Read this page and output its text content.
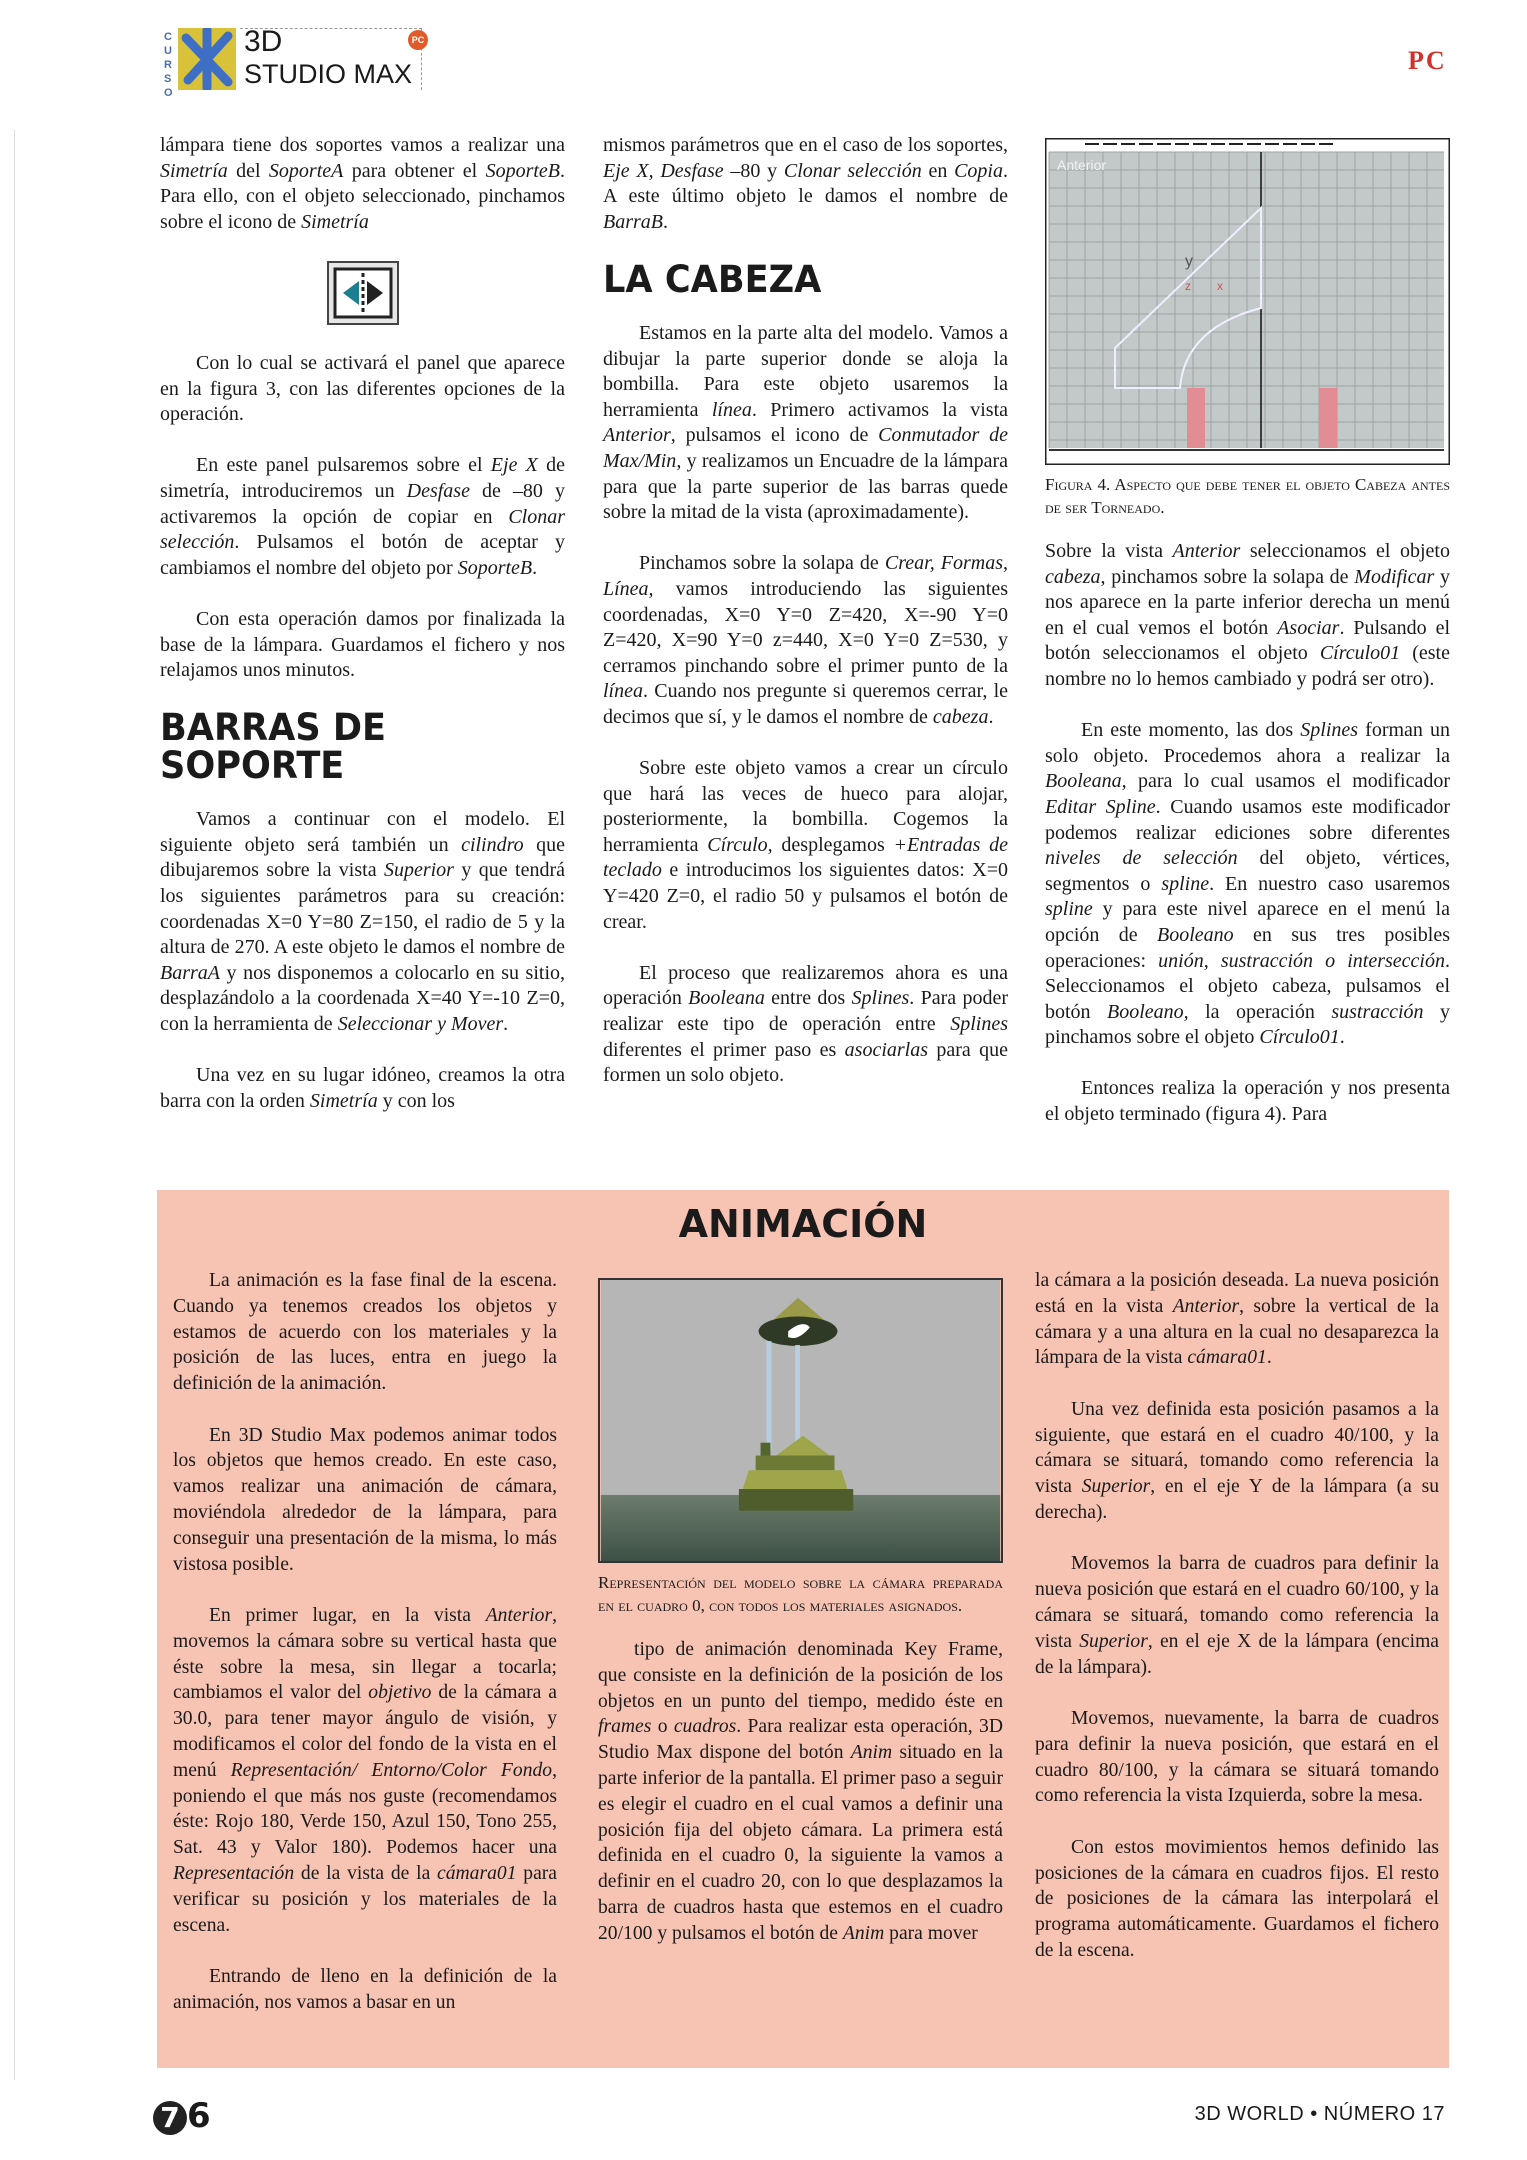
CURSO
3D
STUDIO MAX
PC
PC

lámpara tiene dos soportes vamos a realizar una Simetría del SoporteA para obtener el SoporteB. Para ello, con el objeto seleccionado, pinchamos sobre el icono de Simetría

Con lo cual se activará el panel que aparece en la figura 3, con las diferentes opciones de la operación.

En este panel pulsaremos sobre el Eje X de simetría, introduciremos un Desfase de –80 y activaremos la opción de copiar en Clonar selección. Pulsamos el botón de aceptar y cambiamos el nombre del objeto por SoporteB.

Con esta operación damos por finalizada la base de la lámpara. Guardamos el fichero y nos relajamos unos minutos.

BARRAS DE SOPORTE

Vamos a continuar con el modelo. El siguiente objeto será también un cilindro que dibujaremos sobre la vista Superior y que tendrá los siguientes parámetros para su creación: coordenadas X=0 Y=80 Z=150, el radio de 5 y la altura de 270. A este objeto le damos el nombre de BarraA y nos disponemos a colocarlo en su sitio, desplazándolo a la coordenada X=40 Y=-10 Z=0, con la herramienta de Seleccionar y Mover.

Una vez en su lugar idóneo, creamos la otra barra con la orden Simetría y con los

mismos parámetros que en el caso de los soportes, Eje X, Desfase –80 y Clonar selección en Copia. A este último objeto le damos el nombre de BarraB.

LA CABEZA

Estamos en la parte alta del modelo. Vamos a dibujar la parte superior donde se aloja la bombilla. Para este objeto usaremos la herramienta línea. Primero activamos la vista Anterior, pulsamos el icono de Conmutador de Max/Min, y realizamos un Encuadre de la lámpara para que la parte superior de las barras quede sobre la mitad de la vista (aproximadamente).

Pinchamos sobre la solapa de Crear, Formas, Línea, vamos introduciendo las siguientes coordenadas, X=0 Y=0 Z=420, X=-90 Y=0 Z=420, X=90 Y=0 z=440, X=0 Y=0 Z=530, y cerramos pinchando sobre el primer punto de la línea. Cuando nos pregunte si queremos cerrar, le decimos que sí, y le damos el nombre de cabeza.

Sobre este objeto vamos a crear un círculo que hará las veces de hueco para alojar, posteriormente, la bombilla. Cogemos la herramienta Círculo, desplegamos +Entradas de teclado e introducimos los siguientes datos: X=0 Y=420 Z=0, el radio 50 y pulsamos el botón de crear.

El proceso que realizaremos ahora es una operación Booleana entre dos Splines. Para poder realizar este tipo de operación entre Splines diferentes el primer paso es asociarlas para que formen un solo objeto.

Anterior
y
z x
Figura 4. Aspecto que debe tener el objeto Cabeza antes de ser Torneado.

Sobre la vista Anterior seleccionamos el objeto cabeza, pinchamos sobre la solapa de Modificar y nos aparece en la parte inferior derecha un menú en el cual vemos el botón Asociar. Pulsando el botón seleccionamos el objeto Círculo01 (este nombre no lo hemos cambiado y podrá ser otro).

En este momento, las dos Splines forman un solo objeto. Procedemos ahora a realizar la Booleana, para lo cual usamos el modificador Editar Spline. Cuando usamos este modificador podemos realizar ediciones sobre diferentes niveles de selección del objeto, vértices, segmentos o spline. En nuestro caso usaremos spline y para este nivel aparece en el menú la opción de Booleano en sus tres posibles operaciones: unión, sustracción o intersección. Seleccionamos el objeto cabeza, pulsamos el botón Booleano, la operación sustracción y pinchamos sobre el objeto Círculo01.

Entonces realiza la operación y nos presenta el objeto terminado (figura 4). Para

ANIMACIÓN

La animación es la fase final de la escena. Cuando ya tenemos creados los objetos y estamos de acuerdo con los materiales y la posición de las luces, entra en juego la definición de la animación.

En 3D Studio Max podemos animar todos los objetos que hemos creado. En este caso, vamos realizar una animación de cámara, moviéndola alrededor de la lámpara, para conseguir una presentación de la misma, lo más vistosa posible.

En primer lugar, en la vista Anterior, movemos la cámara sobre su vertical hasta que éste sobre la mesa, sin llegar a tocarla; cambiamos el valor del objetivo de la cámara a 30.0, para tener mayor ángulo de visión, y modificamos el color del fondo de la vista en el menú Representación/ Entorno/Color Fondo, poniendo el que más nos guste (recomendamos éste: Rojo 180, Verde 150, Azul 150, Tono 255, Sat. 43 y Valor 180). Podemos hacer una Representación de la vista de la cámara01 para verificar su posición y los materiales de la escena.

Entrando de lleno en la definición de la animación, nos vamos a basar en un

Representación del modelo sobre la cámara preparada en el cuadro 0, con todos los materiales asignados.

tipo de animación denominada Key Frame, que consiste en la definición de la posición de los objetos en un punto del tiempo, medido éste en frames o cuadros. Para realizar esta operación, 3D Studio Max dispone del botón Anim situado en la parte inferior de la pantalla. El primer paso a seguir es elegir el cuadro en el cual vamos a definir una posición fija del objeto cámara. La primera está definida en el cuadro 0, la siguiente la vamos a definir en el cuadro 20, con lo que desplazamos la barra de cuadros hasta que estemos en el cuadro 20/100 y pulsamos el botón de Anim para mover

la cámara a la posición deseada. La nueva posición está en la vista Anterior, sobre la vertical de la cámara y a una altura en la cual no desaparezca la lámpara de la vista cámara01.

Una vez definida esta posición pasamos a la siguiente, que estará en el cuadro 40/100, y la cámara se situará, tomando como referencia la vista Superior, en el eje Y de la lámpara (a su derecha).

Movemos la barra de cuadros para definir la nueva posición que estará en el cuadro 60/100, y la cámara se situará, tomando como referencia la vista Superior, en el eje X de la lámpara (encima de la lámpara).

Movemos, nuevamente, la barra de cuadros para definir la nueva posición, que estará en el cuadro 80/100, y la cámara se situará tomando como referencia la vista Izquierda, sobre la mesa.

Con estos movimientos hemos definido las posiciones de la cámara en cuadros fijos. El resto de posiciones de la cámara las interpolará el programa automáticamente. Guardamos el fichero de la escena.

7 6	3D WORLD • NÚMERO 17
